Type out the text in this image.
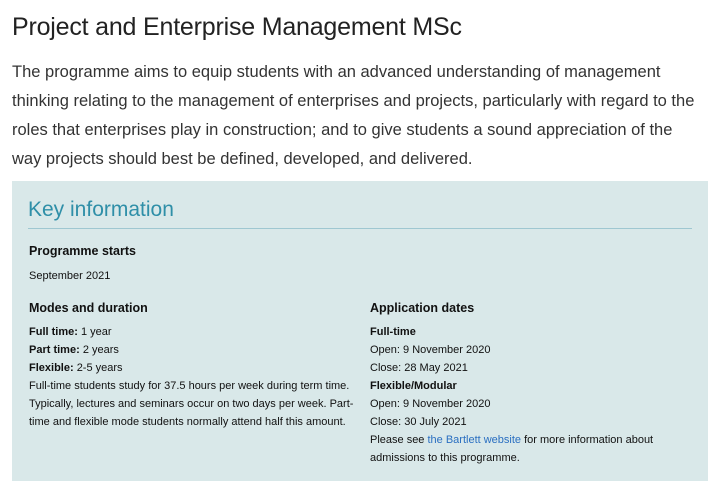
Project and Enterprise Management MSc

The programme aims to equip students with an advanced understanding of management thinking relating to the management of enterprises and projects, particularly with regard to the roles that enterprises play in construction; and to give students a sound appreciation of the way projects should best be defined, developed, and delivered.

Key information
Programme starts
September 2021
Modes and duration
Full time: 1 year
Part time: 2 years
Flexible: 2-5 years
Full-time students study for 37.5 hours per week during term time. Typically, lectures and seminars occur on two days per week. Part-time and flexible mode students normally attend half this amount.
Application dates
Full-time
Open: 9 November 2020
Close: 28 May 2021
Flexible/Modular
Open: 9 November 2020
Close: 30 July 2021
Please see the Bartlett website for more information about admissions to this programme.
